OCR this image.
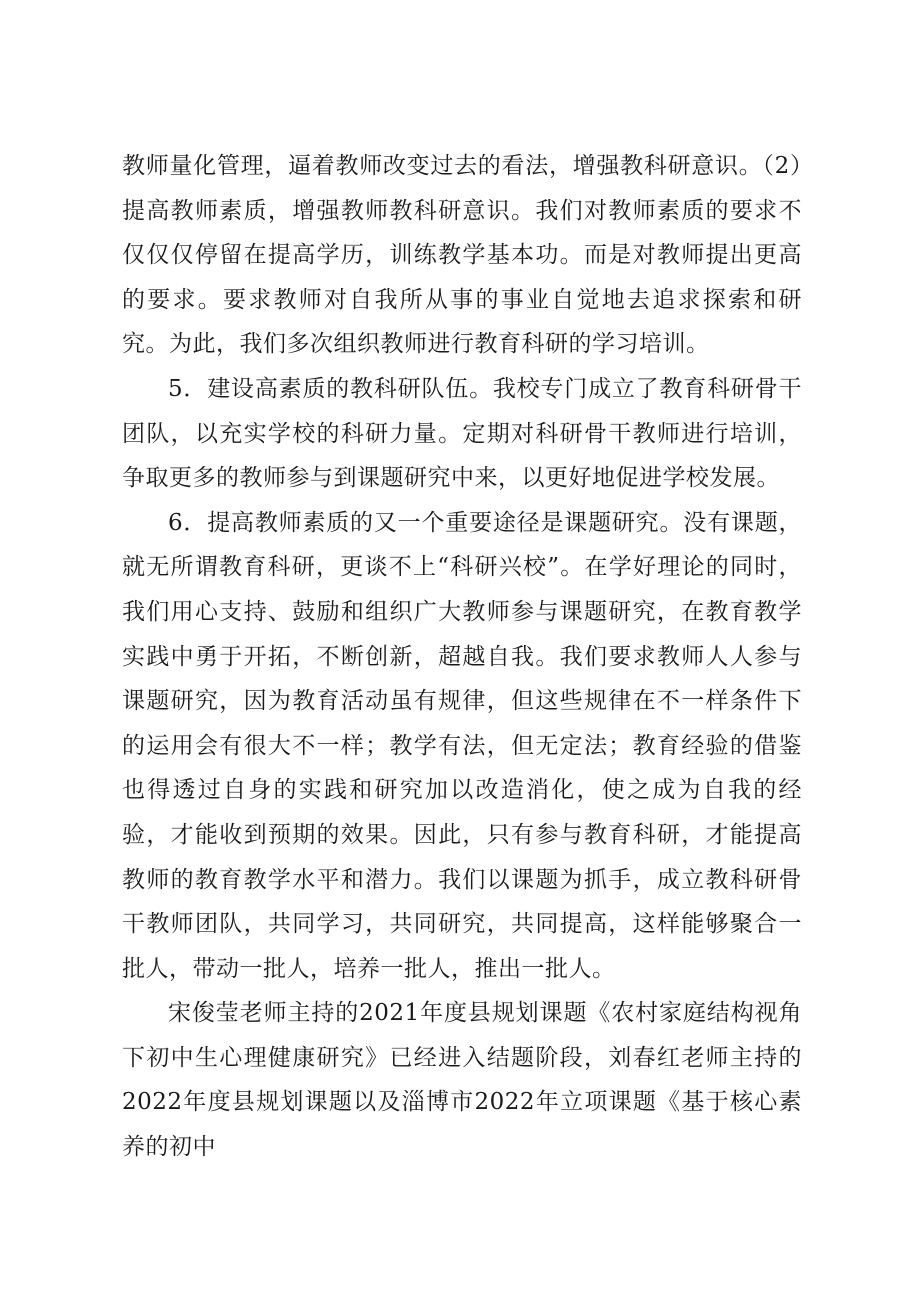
教师量化管理，逼着教师改变过去的看法，增强教科研意识。（2）提高教师素质，增强教师教科研意识。我们对教师素质的要求不仅仅仅停留在提高学历，训练教学基本功。而是对教师提出更高的要求。要求教师对自我所从事的事业自觉地去追求探索和研究。为此，我们多次组织教师进行教育科研的学习培训。

5．建设高素质的教科研队伍。我校专门成立了教育科研骨干团队，以充实学校的科研力量。定期对科研骨干教师进行培训，争取更多的教师参与到课题研究中来，以更好地促进学校发展。

6．提高教师素质的又一个重要途径是课题研究。没有课题，就无所谓教育科研，更谈不上“科研兴校”。在学好理论的同时，我们用心支持、鼓励和组织广大教师参与课题研究，在教育教学实践中勇于开拓，不断创新，超越自我。我们要求教师人人参与课题研究，因为教育活动虽有规律，但这些规律在不一样条件下的运用会有很大不一样；教学有法，但无定法；教育经验的借鉴也得透过自身的实践和研究加以改造消化，使之成为自我的经验，才能收到预期的效果。因此，只有参与教育科研，才能提高教师的教育教学水平和潜力。我们以课题为抓手，成立教科研骨干教师团队，共同学习，共同研究，共同提高，这样能够聚合一批人，带动一批人，培养一批人，推出一批人。

宋俊莹老师主持的2021年度县规划课题《农村家庭结构视角下初中生心理健康研究》已经进入结题阶段，刘春红老师主持的2022年度县规划课题以及淄博市2022年立项课题《基于核心素养的初中
